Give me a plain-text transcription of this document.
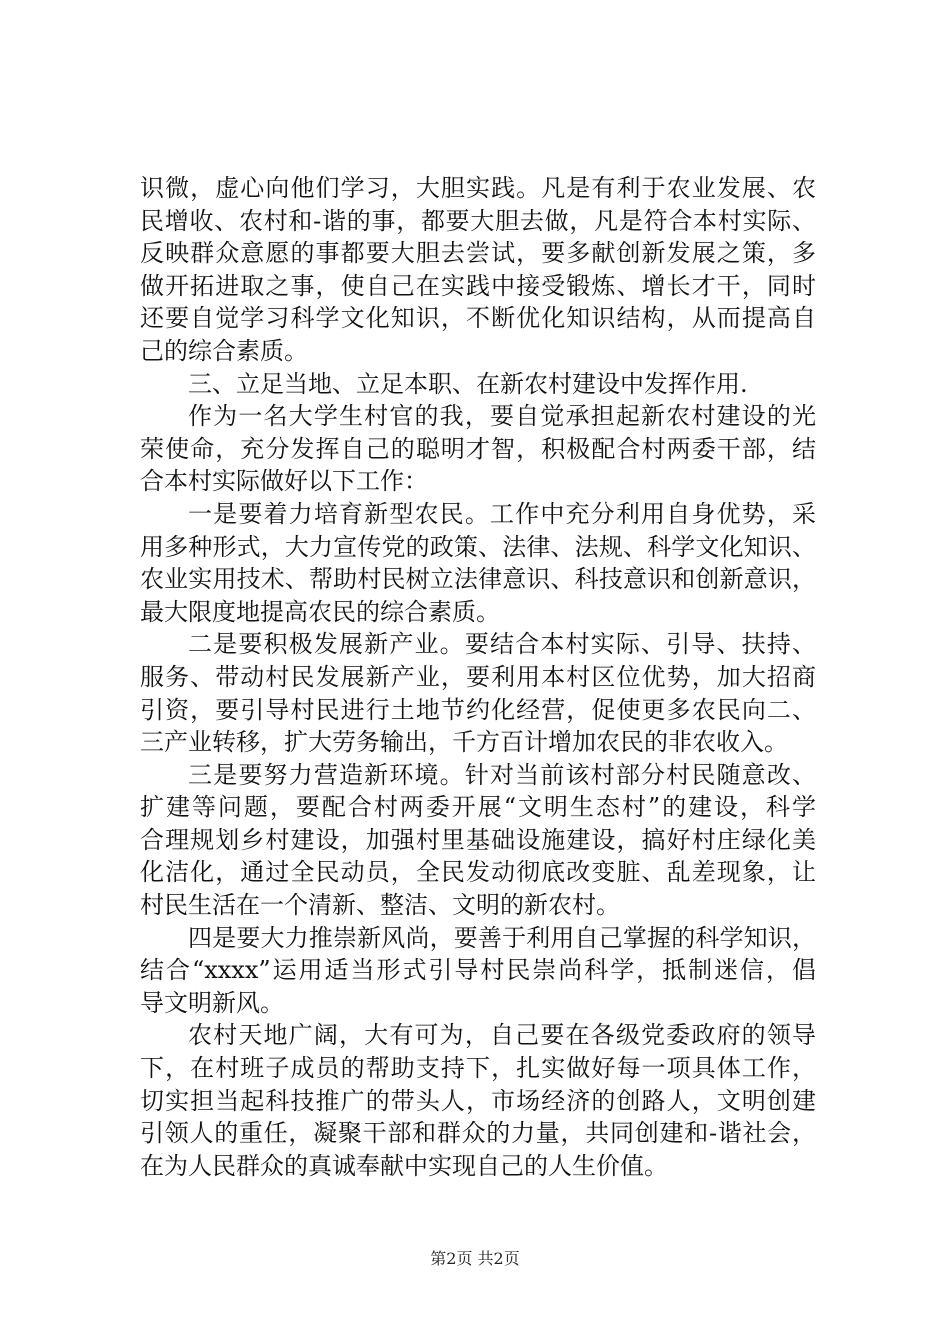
识微，虚心向他们学习，大胆实践。凡是有利于农业发展、农
民增收、农村和-谐的事，都要大胆去做，凡是符合本村实际、
反映群众意愿的事都要大胆去尝试，要多献创新发展之策，多
做开拓进取之事，使自己在实践中接受锻炼、增长才干，同时
还要自觉学习科学文化知识，不断优化知识结构，从而提高自
己的综合素质。
三、立足当地、立足本职、在新农村建设中发挥作用.
作为一名大学生村官的我，要自觉承担起新农村建设的光
荣使命，充分发挥自己的聪明才智，积极配合村两委干部，结
合本村实际做好以下工作：
一是要着力培育新型农民。工作中充分利用自身优势，采
用多种形式，大力宣传党的政策、法律、法规、科学文化知识、
农业实用技术、帮助村民树立法律意识、科技意识和创新意识，
最大限度地提高农民的综合素质。
二是要积极发展新产业。要结合本村实际、引导、扶持、
服务、带动村民发展新产业，要利用本村区位优势，加大招商
引资，要引导村民进行土地节约化经营，促使更多农民向二、
三产业转移，扩大劳务输出，千方百计增加农民的非农收入。
三是要努力营造新环境。针对当前该村部分村民随意改、
扩建等问题，要配合村两委开展“文明生态村”的建设，科学
合理规划乡村建设，加强村里基础设施建设，搞好村庄绿化美
化洁化，通过全民动员，全民发动彻底改变脏、乱差现象，让
村民生活在一个清新、整洁、文明的新农村。
四是要大力推崇新风尚，要善于利用自己掌握的科学知识，
结合“xxxx”运用适当形式引导村民崇尚科学，抵制迷信，倡
导文明新风。
农村天地广阔，大有可为，自己要在各级党委政府的领导
下，在村班子成员的帮助支持下，扎实做好每一项具体工作，
切实担当起科技推广的带头人，市场经济的创路人，文明创建
引领人的重任，凝聚干部和群众的力量，共同创建和-谐社会，
在为人民群众的真诚奉献中实现自己的人生价值。
第2页 共2页
